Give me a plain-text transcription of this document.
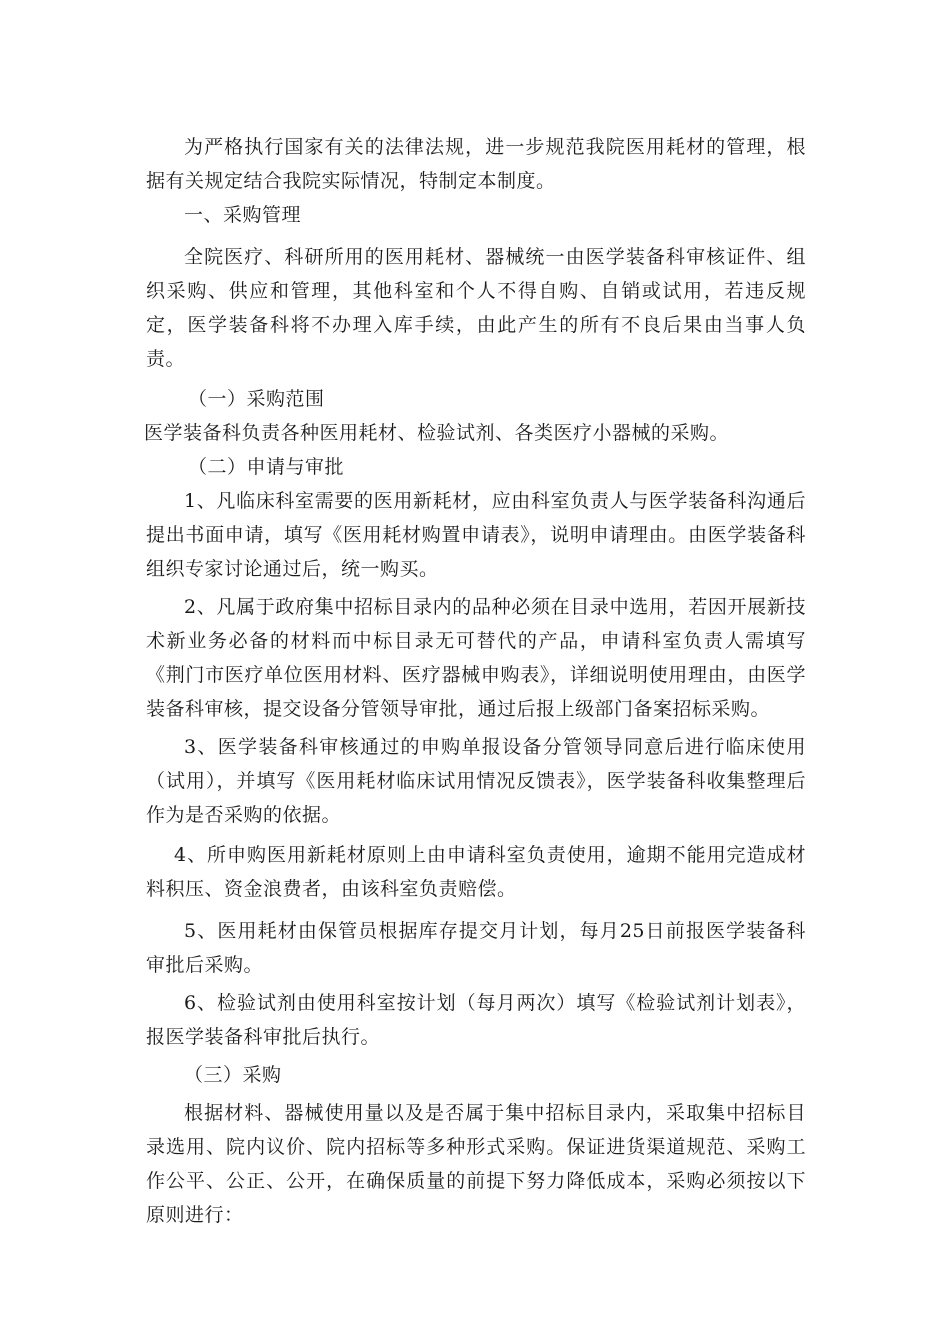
为严格执行国家有关的法律法规，进一步规范我院医用耗材的管理，根据有关规定结合我院实际情况，特制定本制度。

一、采购管理

全院医疗、科研所用的医用耗材、器械统一由医学装备科审核证件、组织采购、供应和管理，其他科室和个人不得自购、自销或试用，若违反规定，医学装备科将不办理入库手续，由此产生的所有不良后果由当事人负责。

（一）采购范围

医学装备科负责各种医用耗材、检验试剂、各类医疗小器械的采购。

（二）申请与审批

1、凡临床科室需要的医用新耗材，应由科室负责人与医学装备科沟通后提出书面申请，填写《医用耗材购置申请表》，说明申请理由。由医学装备科组织专家讨论通过后，统一购买。

2、凡属于政府集中招标目录内的品种必须在目录中选用，若因开展新技术新业务必备的材料而中标目录无可替代的产品，申请科室负责人需填写《荆门市医疗单位医用材料、医疗器械申购表》，详细说明使用理由，由医学装备科审核，提交设备分管领导审批，通过后报上级部门备案招标采购。

3、医学装备科审核通过的申购单报设备分管领导同意后进行临床使用（试用），并填写《医用耗材临床试用情况反馈表》，医学装备科收集整理后作为是否采购的依据。

4、所申购医用新耗材原则上由申请科室负责使用，逾期不能用完造成材料积压、资金浪费者，由该科室负责赔偿。

5、医用耗材由保管员根据库存提交月计划，每月25日前报医学装备科审批后采购。

6、检验试剂由使用科室按计划（每月两次）填写《检验试剂计划表》，报医学装备科审批后执行。

（三）采购

根据材料、器械使用量以及是否属于集中招标目录内，采取集中招标目录选用、院内议价、院内招标等多种形式采购。保证进货渠道规范、采购工作公平、公正、公开，在确保质量的前提下努力降低成本，采购必须按以下原则进行：
